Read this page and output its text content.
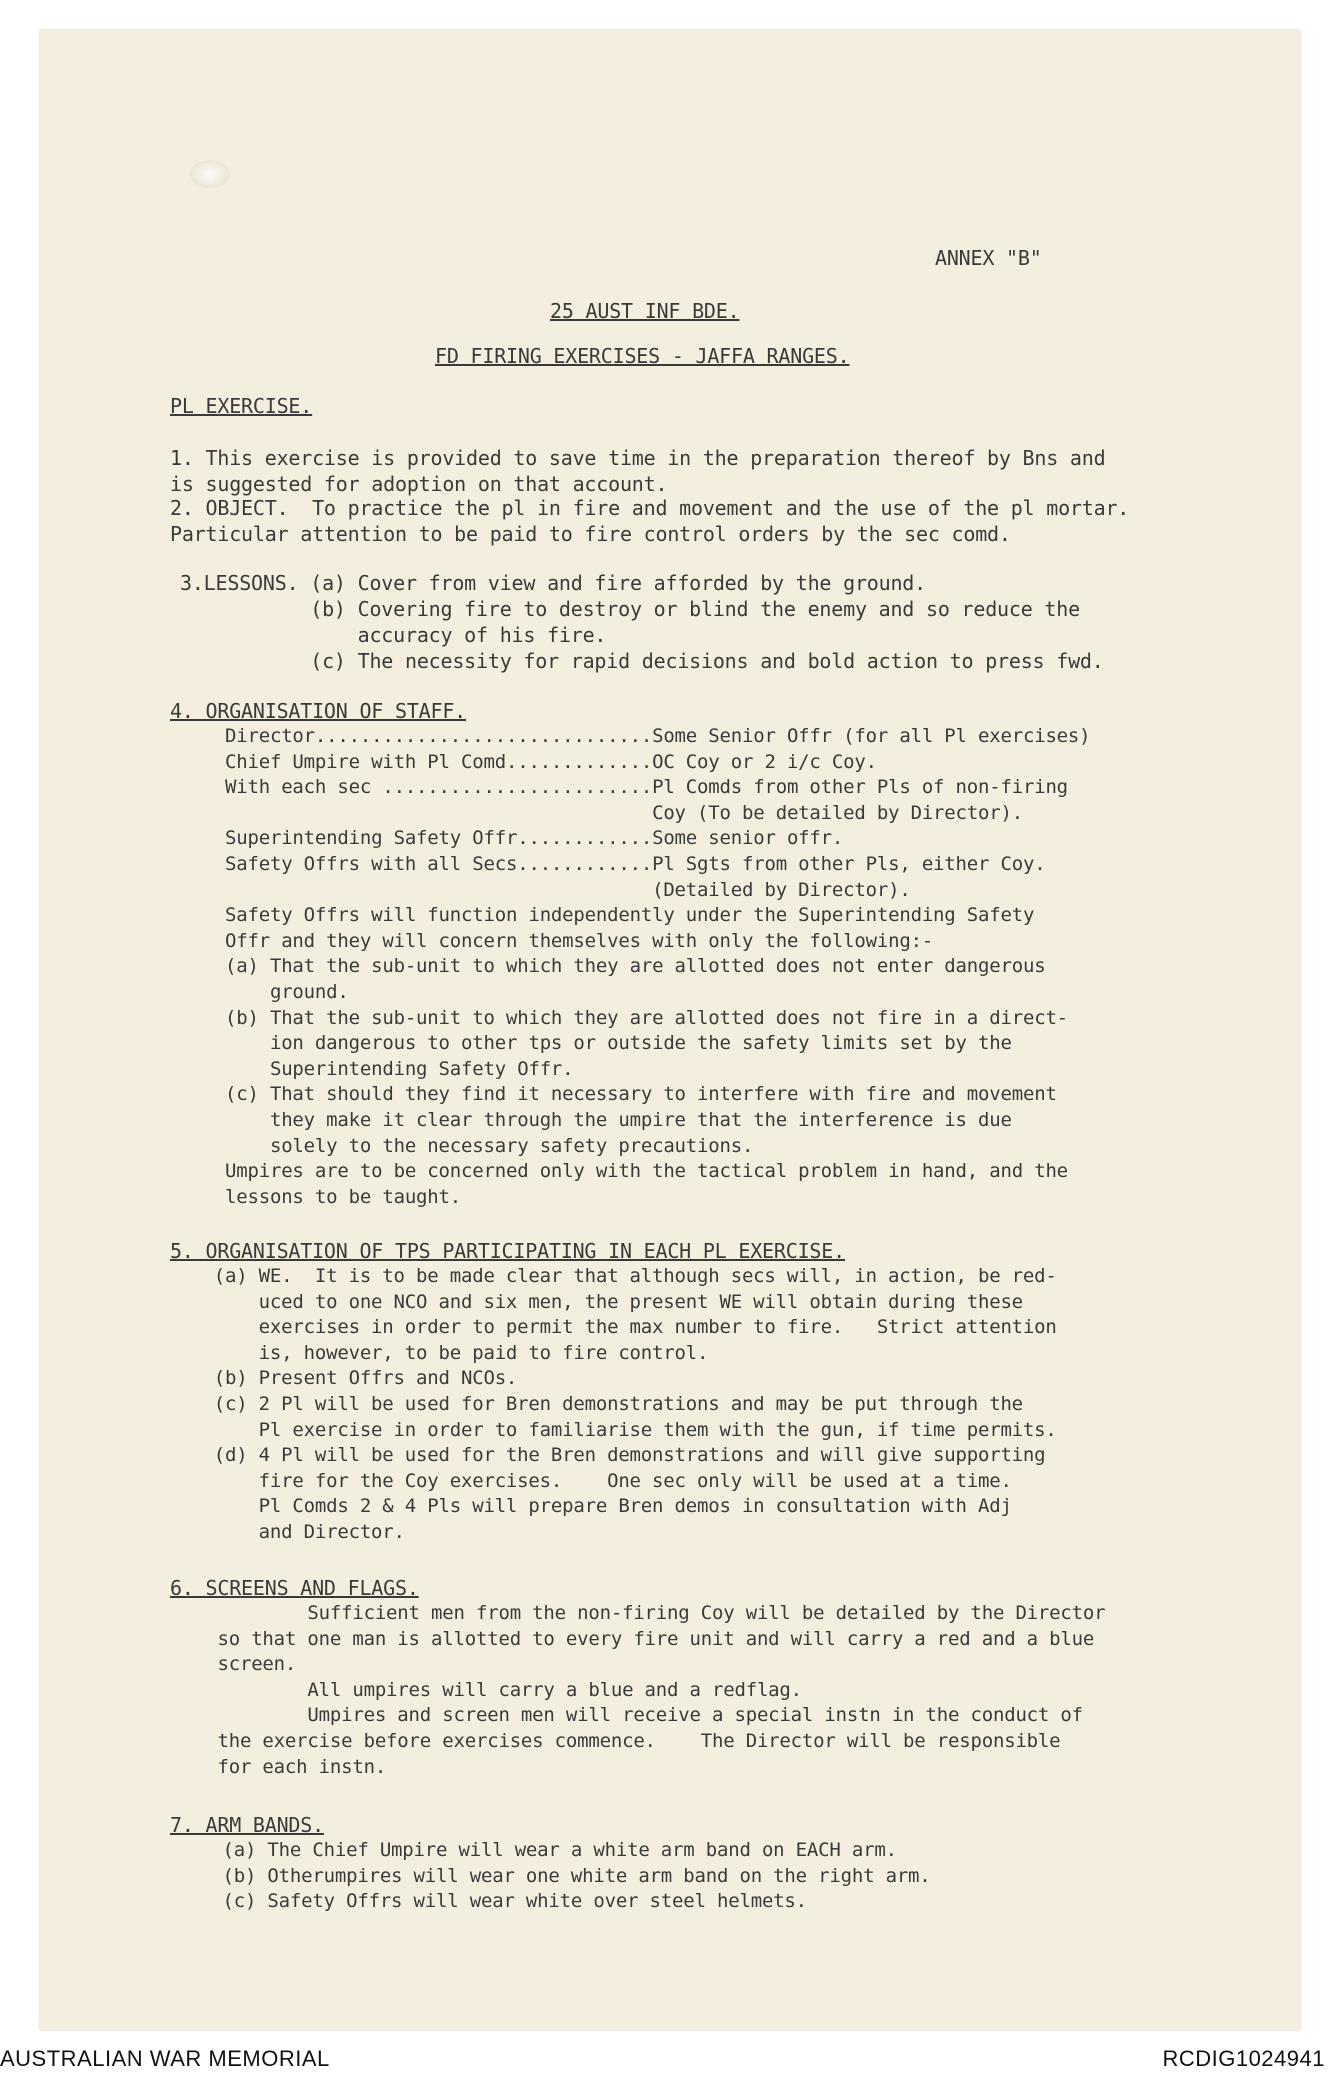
ANNEX "B"
25 AUST INF BDE.
FD FIRING EXERCISES - JAFFA RANGES.
PL EXERCISE.
1. This exercise is provided to save time in the preparation thereof by Bns and
is suggested for adoption on that account.
2. OBJECT.  To practice the pl in fire and movement and the use of the pl mortar.
Particular attention to be paid to fire control orders by the sec comd.
3.LESSONS. (a) Cover from view and fire afforded by the ground.
(b) Covering fire to destroy or blind the enemy and so reduce the
accuracy of his fire.
(c) The necessity for rapid decisions and bold action to press fwd.
4. ORGANISATION OF STAFF.
Director..............................Some Senior Offr (for all Pl exercises)
Chief Umpire with Pl Comd.............OC Coy or 2 i/c Coy.
With each sec ........................Pl Comds from other Pls of non-firing
Coy (To be detailed by Director).
Superintending Safety Offr............Some senior offr.
Safety Offrs with all Secs............Pl Sgts from other Pls, either Coy.
(Detailed by Director).
Safety Offrs will function independently under the Superintending Safety
Offr and they will concern themselves with only the following:-
(a) That the sub-unit to which they are allotted does not enter dangerous
ground.
(b) That the sub-unit to which they are allotted does not fire in a direct-
ion dangerous to other tps or outside the safety limits set by the
Superintending Safety Offr.
(c) That should they find it necessary to interfere with fire and movement
they make it clear through the umpire that the interference is due
solely to the necessary safety precautions.
Umpires are to be concerned only with the tactical problem in hand, and the
lessons to be taught.
5. ORGANISATION OF TPS PARTICIPATING IN EACH PL EXERCISE.
(a) WE.  It is to be made clear that although secs will, in action, be red-
uced to one NCO and six men, the present WE will obtain during these
exercises in order to permit the max number to fire.   Strict attention
is, however, to be paid to fire control.
(b) Present Offrs and NCOs.
(c) 2 Pl will be used for Bren demonstrations and may be put through the
Pl exercise in order to familiarise them with the gun, if time permits.
(d) 4 Pl will be used for the Bren demonstrations and will give supporting
fire for the Coy exercises.    One sec only will be used at a time.
Pl Comds 2 & 4 Pls will prepare Bren demos in consultation with Adj
and Director.
6. SCREENS AND FLAGS.
Sufficient men from the non-firing Coy will be detailed by the Director
so that one man is allotted to every fire unit and will carry a red and a blue
screen.
All umpires will carry a blue and a redflag.
Umpires and screen men will receive a special instn in the conduct of
the exercise before exercises commence.    The Director will be responsible
for each instn.
7. ARM BANDS.
(a) The Chief Umpire will wear a white arm band on EACH arm.
(b) Otherumpires will wear one white arm band on the right arm.
(c) Safety Offrs will wear white over steel helmets.
AUSTRALIAN WAR MEMORIAL	RCDIG1024941
